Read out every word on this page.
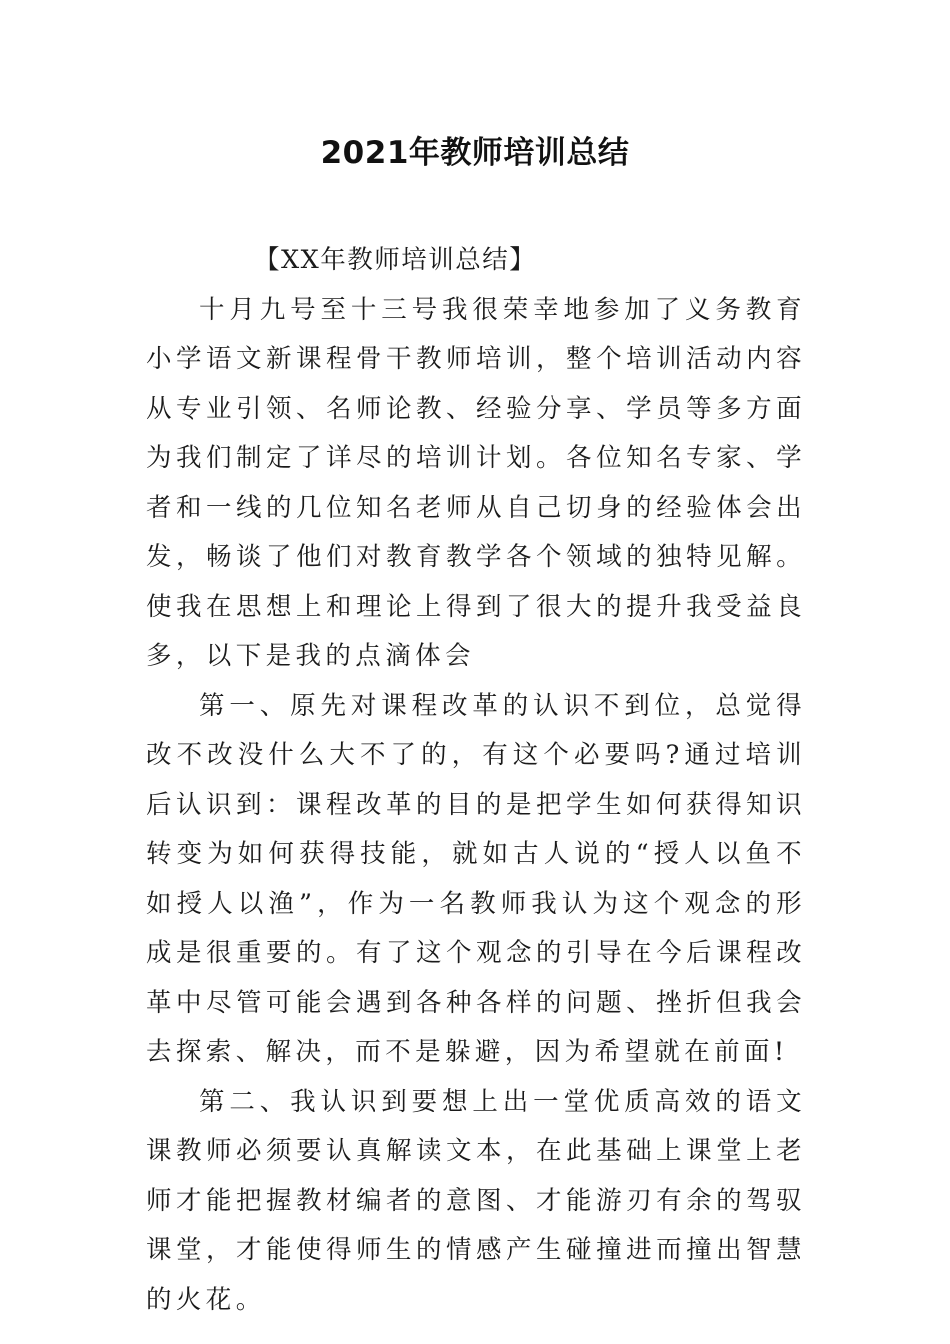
2021年教师培训总结

【XX年教师培训总结】

十月九号至十三号我很荣幸地参加了义务教育小学语文新课程骨干教师培训，整个培训活动内容从专业引领、名师论教、经验分享、学员等多方面为我们制定了详尽的培训计划。各位知名专家、学者和一线的几位知名老师从自己切身的经验体会出发，畅谈了他们对教育教学各个领域的独特见解。使我在思想上和理论上得到了很大的提升我受益良多，以下是我的点滴体会

第一、原先对课程改革的认识不到位，总觉得改不改没什么大不了的，有这个必要吗?通过培训后认识到：课程改革的目的是把学生如何获得知识转变为如何获得技能，就如古人说的“授人以鱼不如授人以渔”，作为一名教师我认为这个观念的形成是很重要的。有了这个观念的引导在今后课程改革中尽管可能会遇到各种各样的问题、挫折但我会去探索、解决，而不是躲避，因为希望就在前面!

第二、我认识到要想上出一堂优质高效的语文课教师必须要认真解读文本，在此基础上课堂上老师才能把握教材编者的意图、才能游刃有余的驾驭课堂，才能使得师生的情感产生碰撞进而撞出智慧的火花。
